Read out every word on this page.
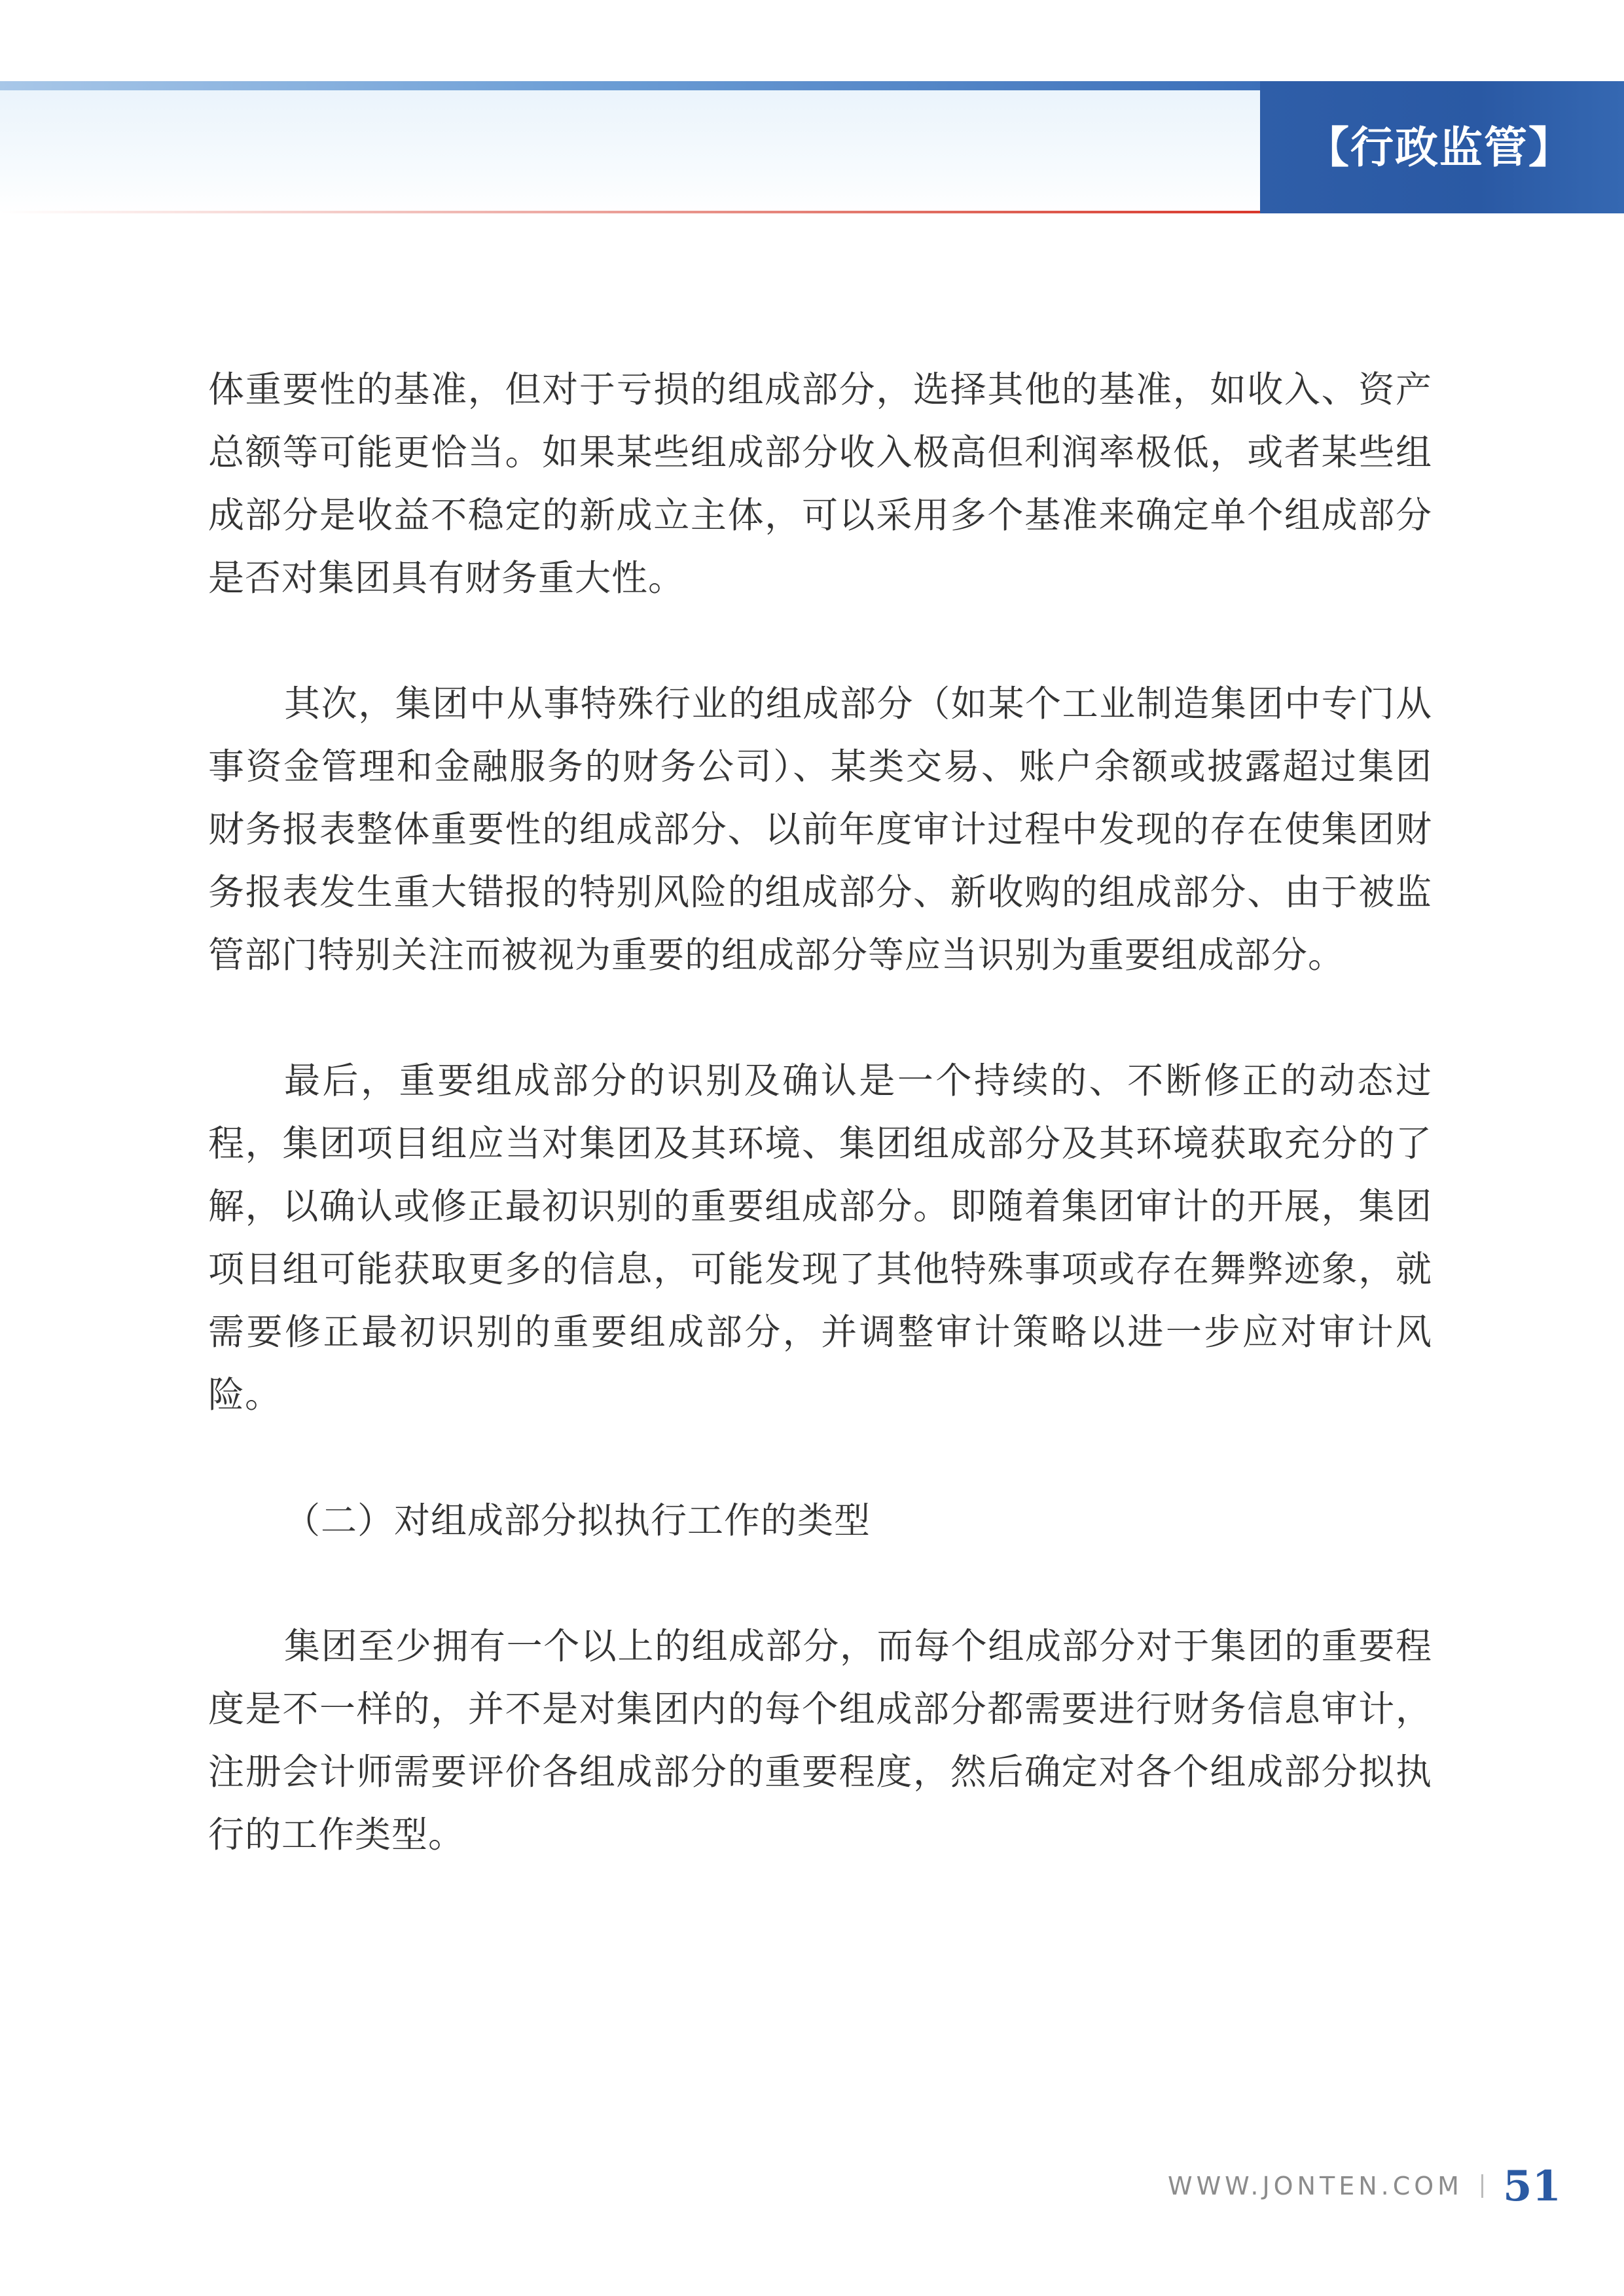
【行政监管】

体重要性的基准，但对于亏损的组成部分，选择其他的基准，如收入、资产总额等可能更恰当。如果某些组成部分收入极高但利润率极低，或者某些组成部分是收益不稳定的新成立主体，可以采用多个基准来确定单个组成部分是否对集团具有财务重大性。

其次，集团中从事特殊行业的组成部分（如某个工业制造集团中专门从事资金管理和金融服务的财务公司）、某类交易、账户余额或披露超过集团财务报表整体重要性的组成部分、以前年度审计过程中发现的存在使集团财务报表发生重大错报的特别风险的组成部分、新收购的组成部分、由于被监管部门特别关注而被视为重要的组成部分等应当识别为重要组成部分。

最后，重要组成部分的识别及确认是一个持续的、不断修正的动态过程，集团项目组应当对集团及其环境、集团组成部分及其环境获取充分的了解，以确认或修正最初识别的重要组成部分。即随着集团审计的开展，集团项目组可能获取更多的信息，可能发现了其他特殊事项或存在舞弊迹象，就需要修正最初识别的重要组成部分，并调整审计策略以进一步应对审计风险。

（二）对组成部分拟执行工作的类型

集团至少拥有一个以上的组成部分，而每个组成部分对于集团的重要程度是不一样的，并不是对集团内的每个组成部分都需要进行财务信息审计，注册会计师需要评价各组成部分的重要程度，然后确定对各个组成部分拟执行的工作类型。

WWW.JONTEN.COM 51
